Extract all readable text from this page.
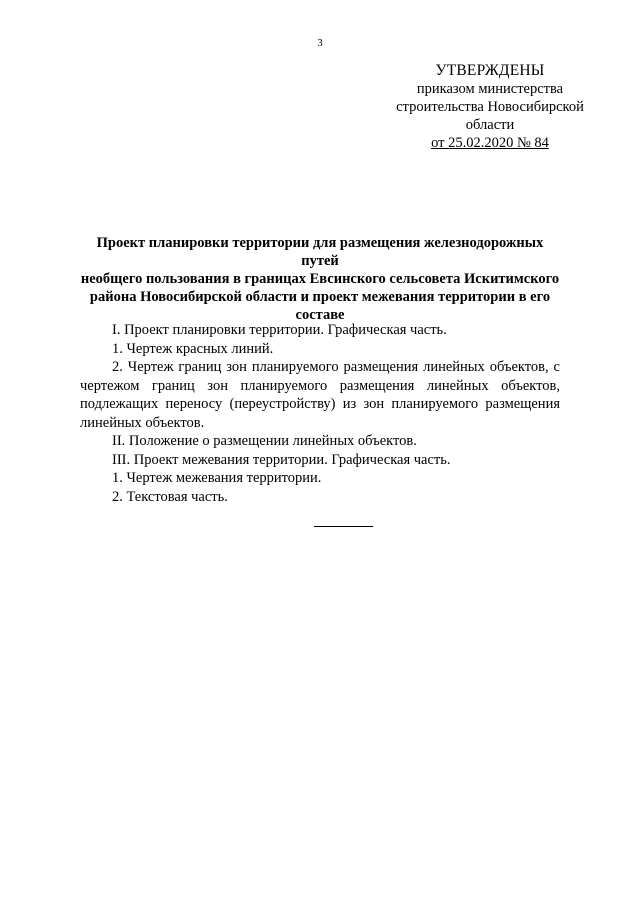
3
УТВЕРЖДЕНЫ
приказом министерства
строительства Новосибирской
области
от 25.02.2020 № 84
Проект планировки территории для размещения железнодорожных путей
необщего пользования в границах Евсинского сельсовета Искитимского
района Новосибирской области и проект межевания территории в его
составе

I. Проект планировки территории. Графическая часть.

1. Чертеж красных линий.

2. Чертеж границ зон планируемого размещения линейных объектов, с чертежом границ зон планируемого размещения линейных объектов, подлежащих переносу (переустройству) из зон планируемого размещения линейных объектов.

II. Положение о размещении линейных объектов.

III. Проект межевания территории. Графическая часть.

1. Чертеж межевания территории.

2. Текстовая часть.
